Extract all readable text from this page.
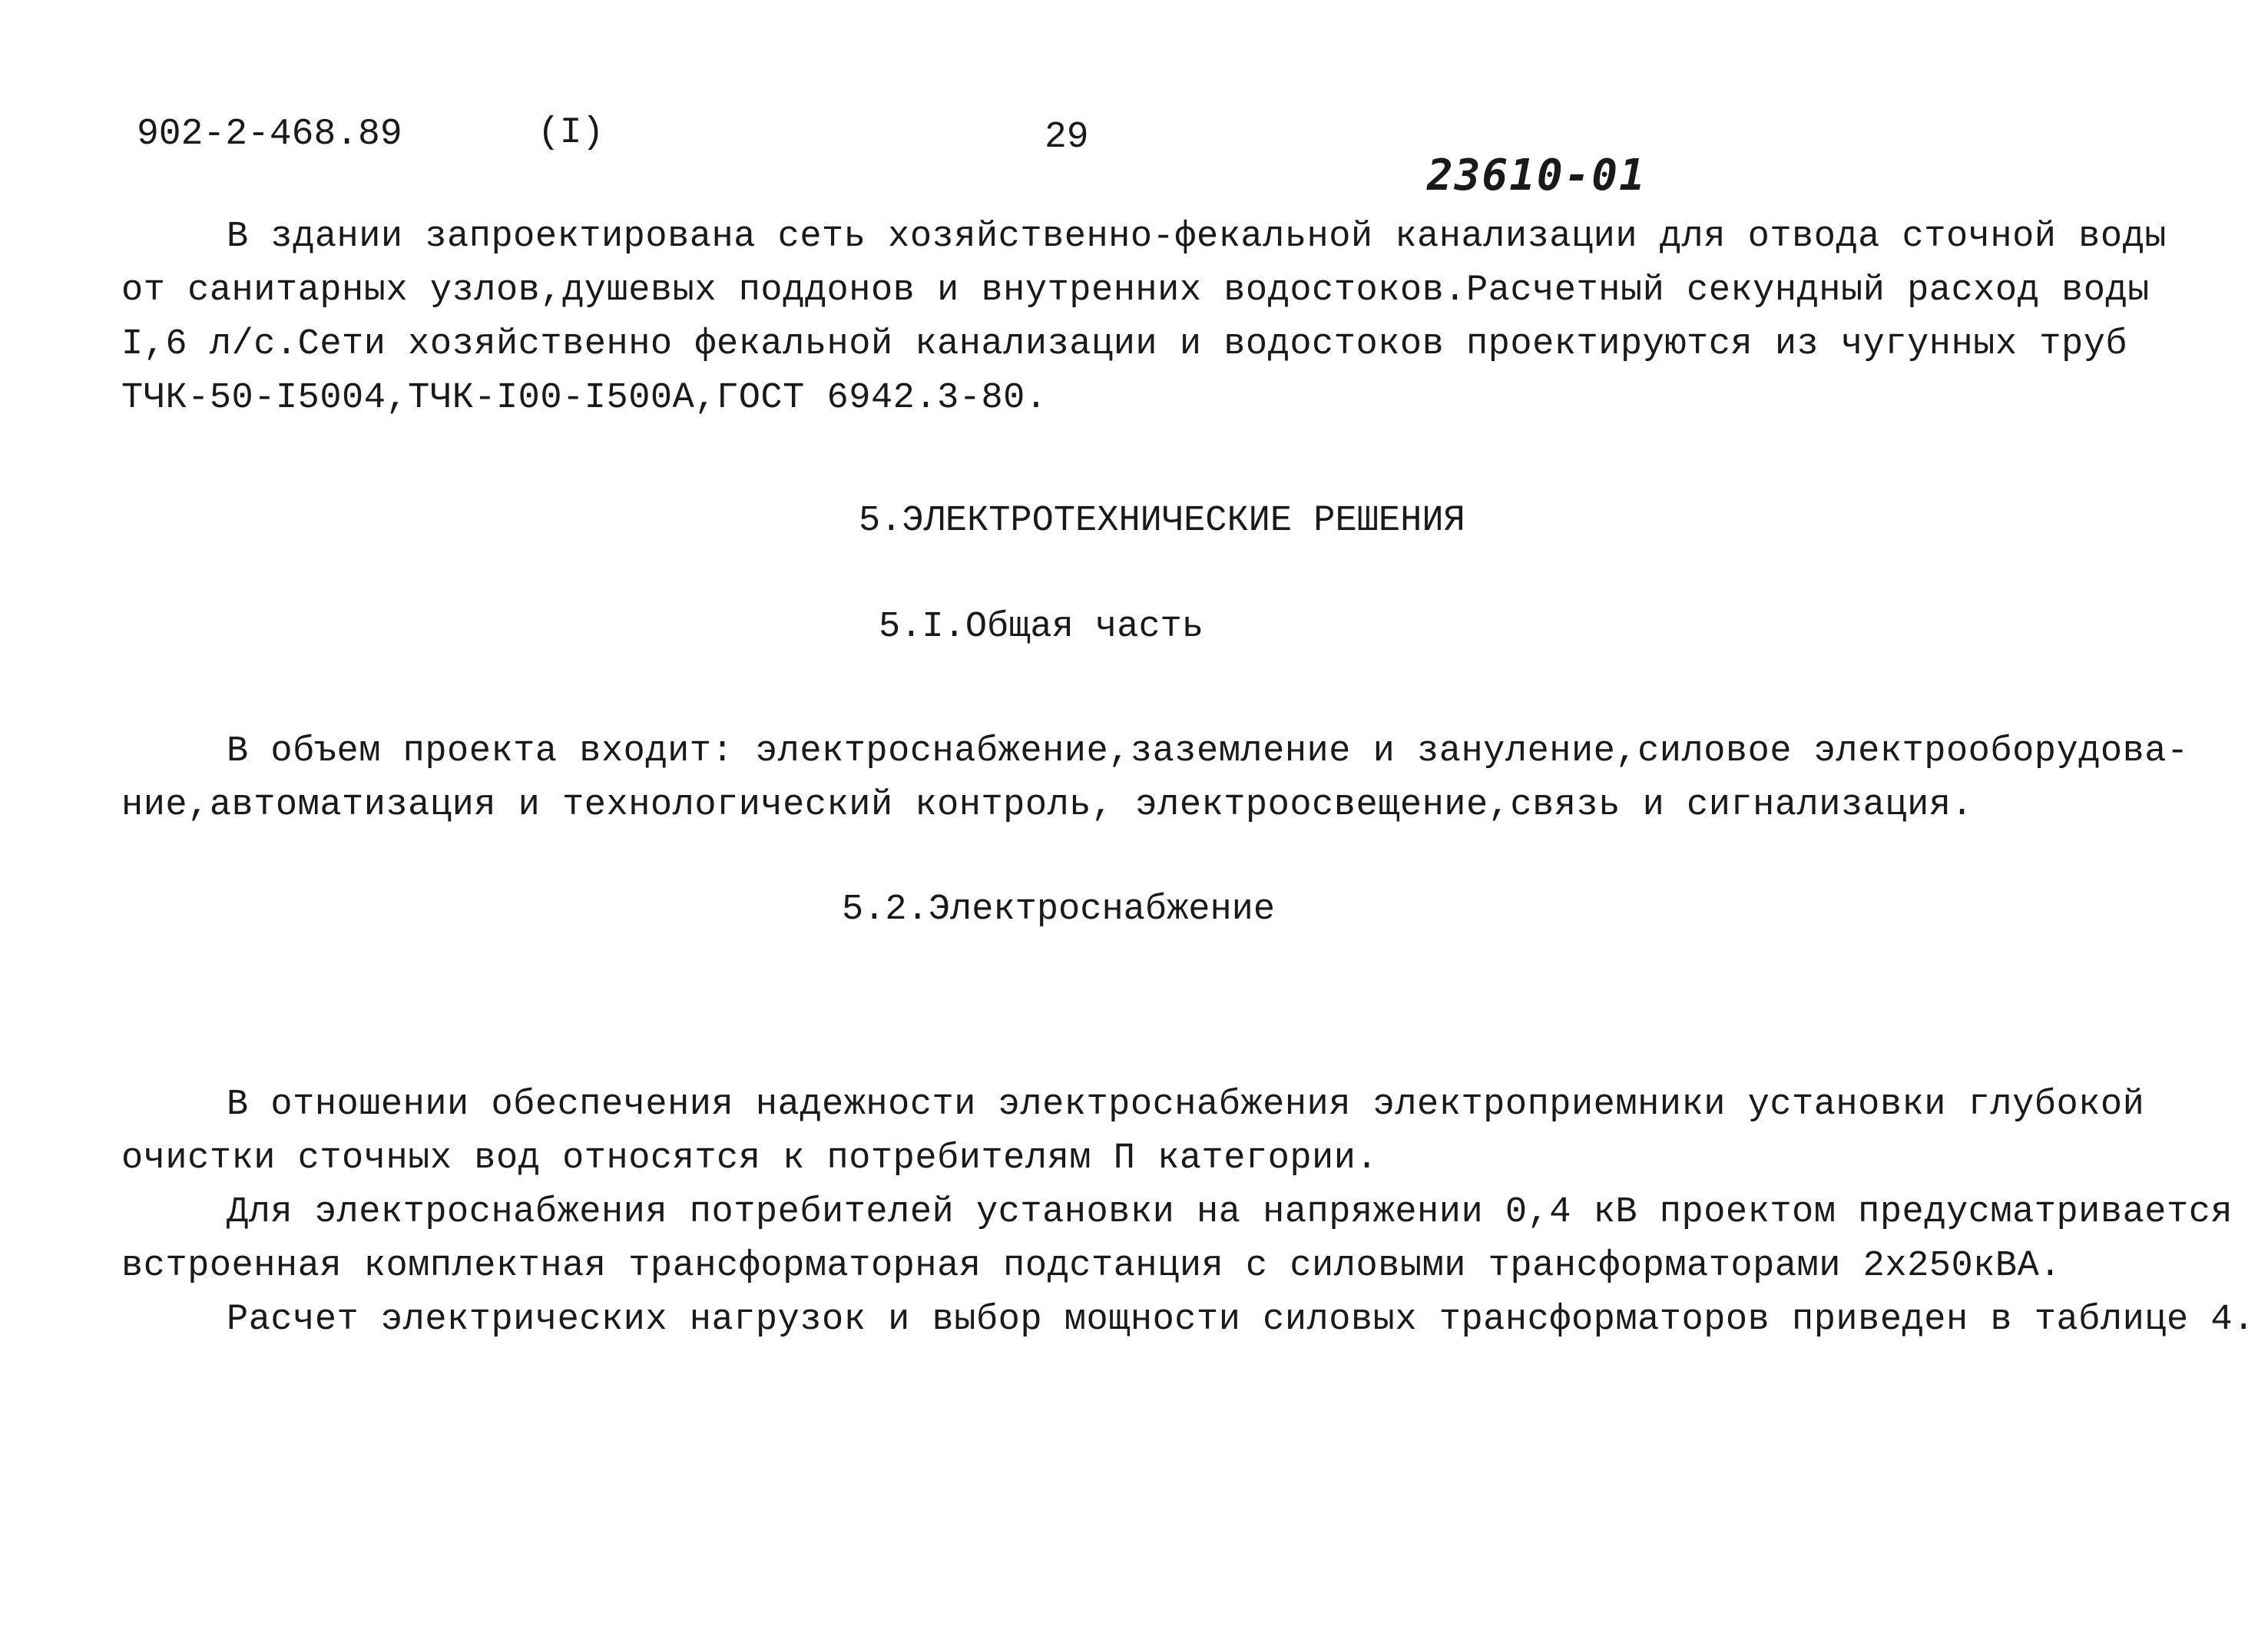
902-2-468.89	(I)	29
23610-01
В здании запроектирована сеть хозяйственно-фекальной канализации для отвода сточной воды
от санитарных узлов,душевых поддонов и внутренних водостоков.Расчетный секундный расход воды
I,6 л/с.Сети хозяйственно фекальной канализации и водостоков проектируются из чугунных труб
ТЧК-50-I5004,ТЧК-I00-I500А,ГОСТ 6942.3-80.
5.ЭЛЕКТРОТЕХНИЧЕСКИЕ РЕШЕНИЯ
5.I.Общая часть
В объем проекта входит: электроснабжение,заземление и зануление,силовое электрооборудова-
ние,автоматизация и технологический контроль, электроосвещение,связь и сигнализация.
5.2.Электроснабжение
В отношении обеспечения надежности электроснабжения электроприемники установки глубокой
очистки сточных вод относятся к потребителям П категории.
Для электроснабжения потребителей установки на напряжении 0,4 кВ проектом предусматривается
встроенная комплектная трансформаторная подстанция с силовыми трансформаторами 2х250кВА.
Расчет электрических нагрузок и выбор мощности силовых трансформаторов приведен в таблице 4.
